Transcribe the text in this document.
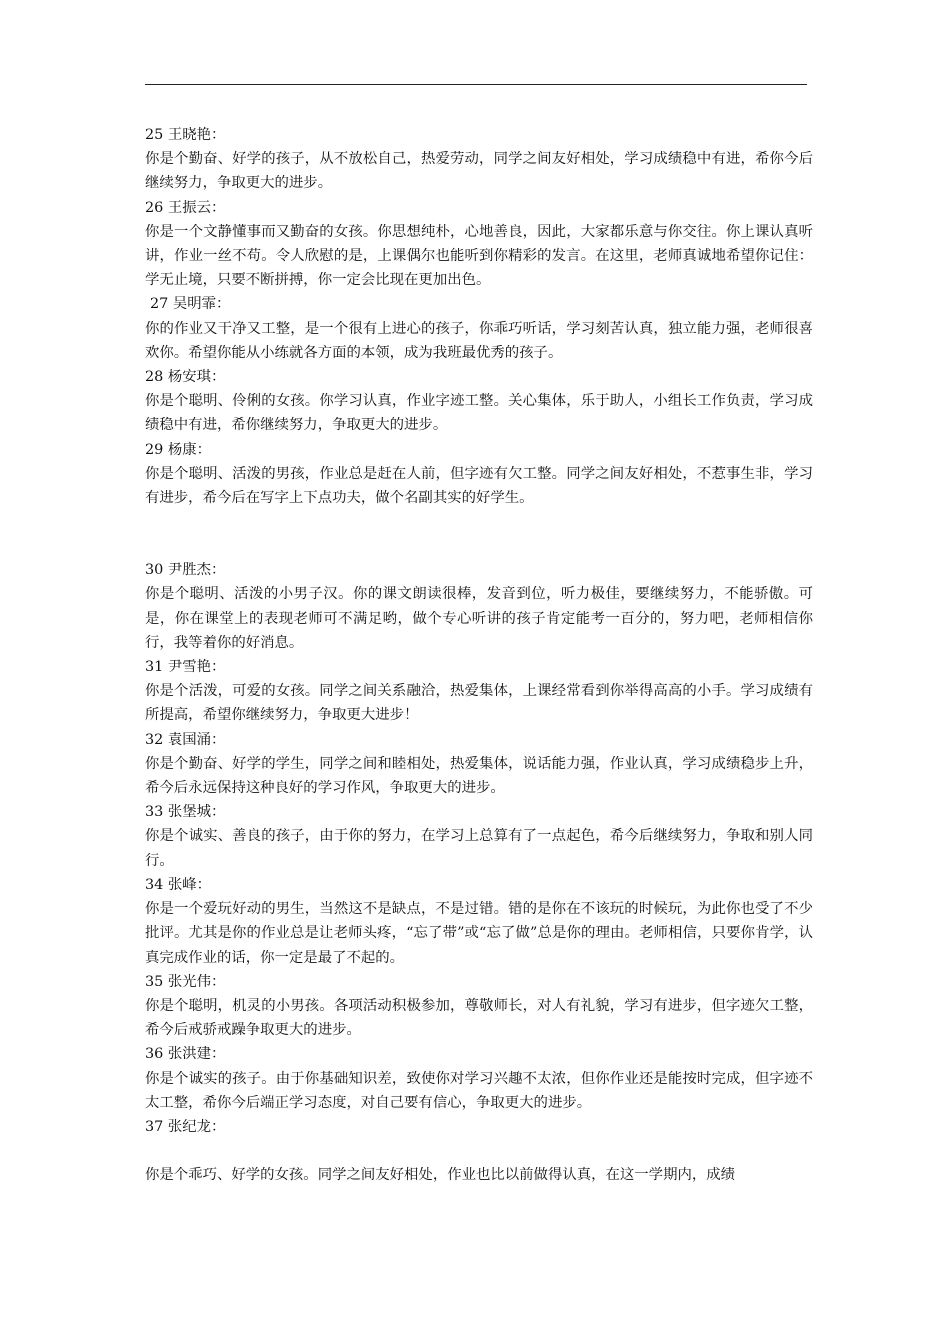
25 王晓艳：
你是个勤奋、好学的孩子，从不放松自己，热爱劳动，同学之间友好相处，学习成绩稳中有进，希你今后继续努力，争取更大的进步。
26 王振云：
你是一个文静懂事而又勤奋的女孩。你思想纯朴，心地善良，因此，大家都乐意与你交往。你上课认真听讲，作业一丝不苟。令人欣慰的是，上课偶尔也能听到你精彩的发言。在这里，老师真诚地希望你记住：学无止境，只要不断拼搏，你一定会比现在更加出色。
27 吴明霏：
你的作业又干净又工整，是一个很有上进心的孩子，你乖巧听话，学习刻苦认真，独立能力强，老师很喜欢你。希望你能从小练就各方面的本领，成为我班最优秀的孩子。
28 杨安琪：
你是个聪明、伶俐的女孩。你学习认真，作业字迹工整。关心集体，乐于助人，小组长工作负责，学习成绩稳中有进，希你继续努力，争取更大的进步。
29 杨康：
你是个聪明、活泼的男孩，作业总是赶在人前，但字迹有欠工整。同学之间友好相处，不惹事生非，学习有进步，希今后在写字上下点功夫，做个名副其实的好学生。
30 尹胜杰：
你是个聪明、活泼的小男子汉。你的课文朗读很棒，发音到位，听力极佳，要继续努力，不能骄傲。可是，你在课堂上的表现老师可不满足哟，做个专心听讲的孩子肯定能考一百分的，努力吧，老师相信你行，我等着你的好消息。
31 尹雪艳：
你是个活泼，可爱的女孩。同学之间关系融洽，热爱集体，上课经常看到你举得高高的小手。学习成绩有所提高，希望你继续努力，争取更大进步！
32 袁国涌：
你是个勤奋、好学的学生，同学之间和睦相处，热爱集体，说话能力强，作业认真，学习成绩稳步上升，希今后永远保持这种良好的学习作风，争取更大的进步。
33 张堡城：
你是个诚实、善良的孩子，由于你的努力，在学习上总算有了一点起色，希今后继续努力，争取和别人同行。
34 张峰：
你是一个爱玩好动的男生，当然这不是缺点，不是过错。错的是你在不该玩的时候玩，为此你也受了不少批评。尤其是你的作业总是让老师头疼，“忘了带”或“忘了做”总是你的理由。老师相信，只要你肯学，认真完成作业的话，你一定是最了不起的。
35 张光伟：
你是个聪明，机灵的小男孩。各项活动积极参加，尊敬师长，对人有礼貌，学习有进步，但字迹欠工整，希今后戒骄戒躁争取更大的进步。
36 张洪建：
你是个诚实的孩子。由于你基础知识差，致使你对学习兴趣不太浓，但你作业还是能按时完成，但字迹不太工整，希你今后端正学习态度，对自己要有信心，争取更大的进步。
37 张纪龙：
你是个乖巧、好学的女孩。同学之间友好相处，作业也比以前做得认真，在这一学期内，成绩
